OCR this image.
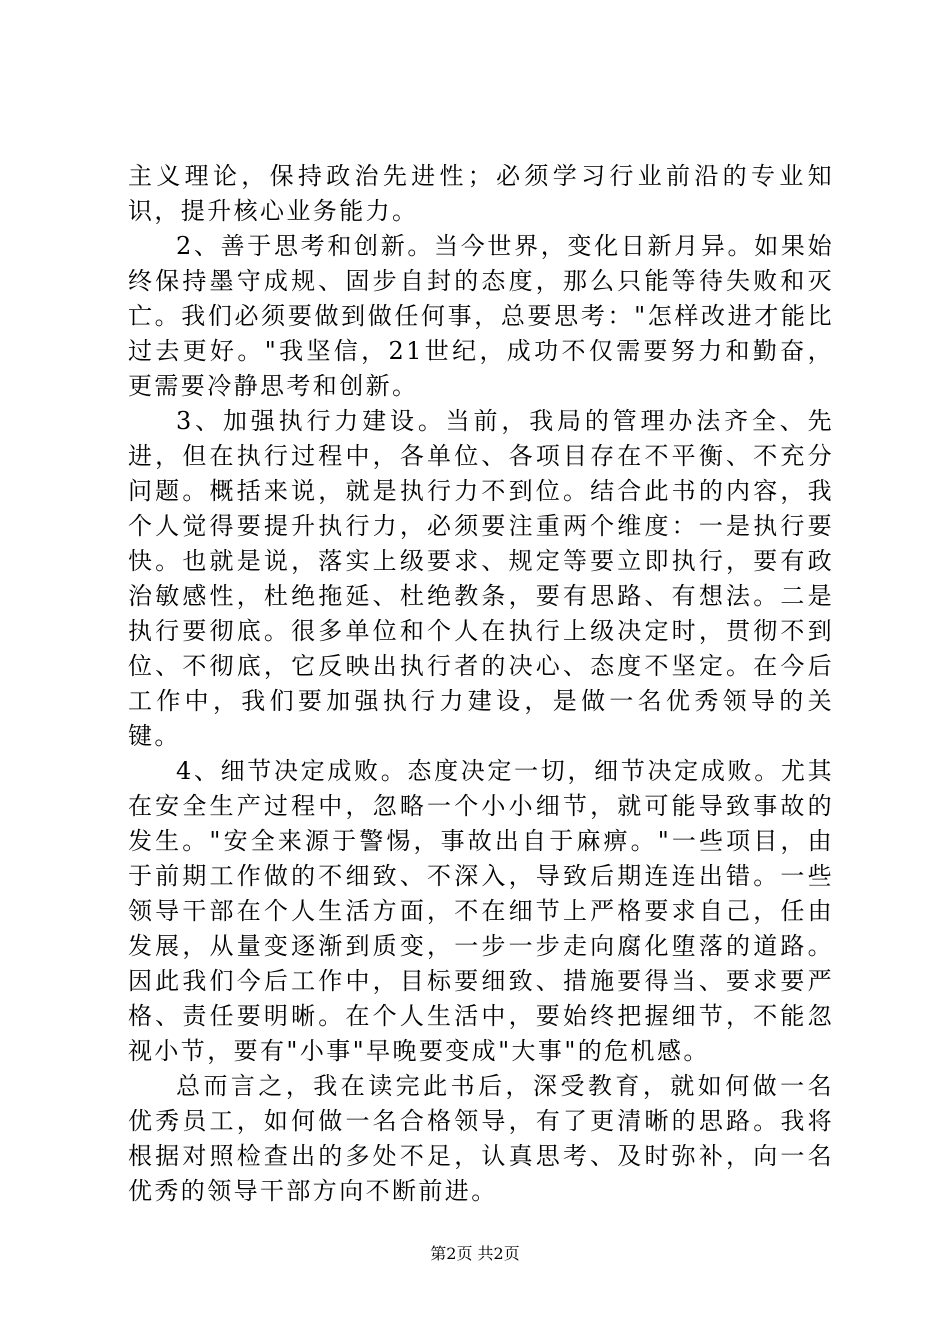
主义理论，保持政治先进性；必须学习行业前沿的专业知识，提升核心业务能力。

2、善于思考和创新。当今世界，变化日新月异。如果始终保持墨守成规、固步自封的态度，那么只能等待失败和灭亡。我们必须要做到做任何事，总要思考："怎样改进才能比过去更好。"我坚信，21世纪，成功不仅需要努力和勤奋，更需要冷静思考和创新。

3、加强执行力建设。当前，我局的管理办法齐全、先进，但在执行过程中，各单位、各项目存在不平衡、不充分问题。概括来说，就是执行力不到位。结合此书的内容，我个人觉得要提升执行力，必须要注重两个维度：一是执行要快。也就是说，落实上级要求、规定等要立即执行，要有政治敏感性，杜绝拖延、杜绝教条，要有思路、有想法。二是执行要彻底。很多单位和个人在执行上级决定时，贯彻不到位、不彻底，它反映出执行者的决心、态度不坚定。在今后工作中，我们要加强执行力建设，是做一名优秀领导的关键。

4、细节决定成败。态度决定一切，细节决定成败。尤其在安全生产过程中，忽略一个小小细节，就可能导致事故的发生。"安全来源于警惕，事故出自于麻痹。"一些项目，由于前期工作做的不细致、不深入，导致后期连连出错。一些领导干部在个人生活方面，不在细节上严格要求自己，任由发展，从量变逐渐到质变，一步一步走向腐化堕落的道路。因此我们今后工作中，目标要细致、措施要得当、要求要严格、责任要明晰。在个人生活中，要始终把握细节，不能忽视小节，要有"小事"早晚要变成"大事"的危机感。

总而言之，我在读完此书后，深受教育，就如何做一名优秀员工，如何做一名合格领导，有了更清晰的思路。我将根据对照检查出的多处不足，认真思考、及时弥补，向一名优秀的领导干部方向不断前进。

第2页 共2页
